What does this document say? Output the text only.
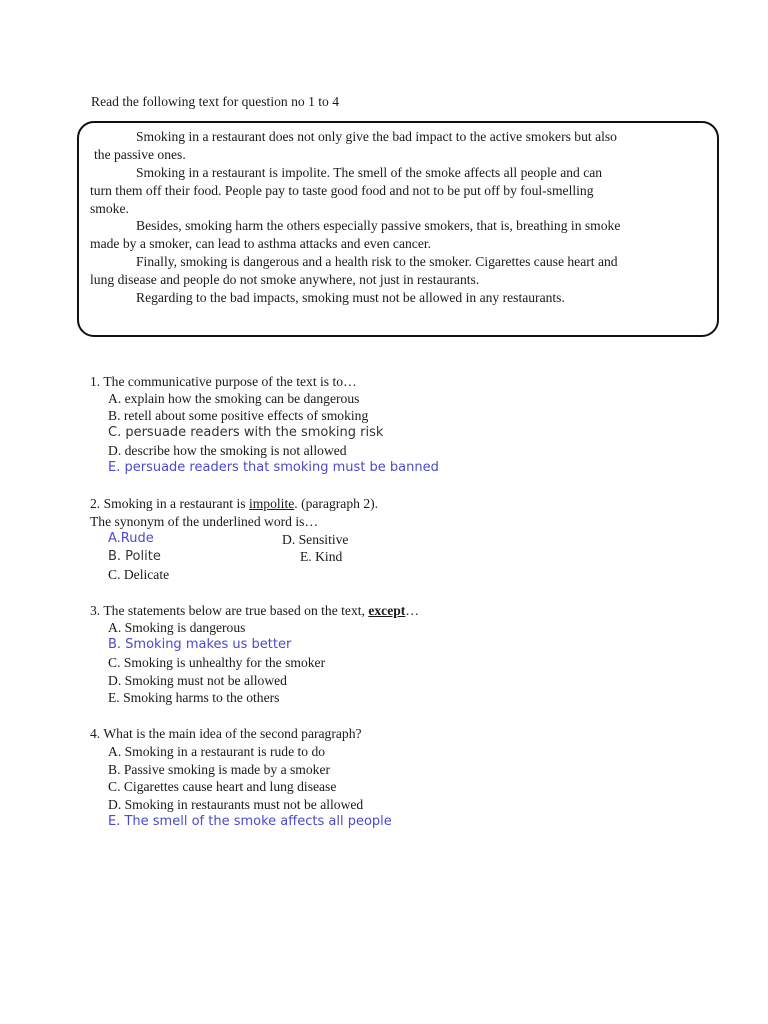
Read the following text for question no 1 to 4
Smoking in a restaurant does not only give the bad impact to the active smokers but also
the passive ones.
Smoking in a restaurant is impolite. The smell of the smoke affects all people and can
turn them off their food. People pay to taste good food and not to be put off by foul-smelling
smoke.
Besides, smoking harm the others especially passive smokers, that is, breathing in smoke
made by a smoker, can lead to asthma attacks and even cancer.
Finally, smoking is dangerous and a health risk to the smoker. Cigarettes cause heart and
lung disease and people do not smoke anywhere, not just in restaurants.
Regarding to the bad impacts, smoking must not be allowed in any restaurants.
1. The communicative purpose of the text is to…
A. explain how the smoking can be dangerous
B. retell about some positive effects of smoking
C. persuade readers with the smoking risk
D. describe how the smoking is not allowed
E. persuade readers that smoking must be banned
2. Smoking in a restaurant is impolite. (paragraph 2).
The synonym of the underlined word is…
A.Rude
B. Polite
C. Delicate
D. Sensitive
E. Kind
3. The statements below are true based on the text, except…
A. Smoking is dangerous
B. Smoking makes us better
C. Smoking is unhealthy for the smoker
D. Smoking must not be allowed
E. Smoking harms to the others
4. What is the main idea of the second paragraph?
A. Smoking in a restaurant is rude to do
B. Passive smoking is made by a smoker
C. Cigarettes cause heart and lung disease
D. Smoking in restaurants must not be allowed
E. The smell of the smoke affects all people
